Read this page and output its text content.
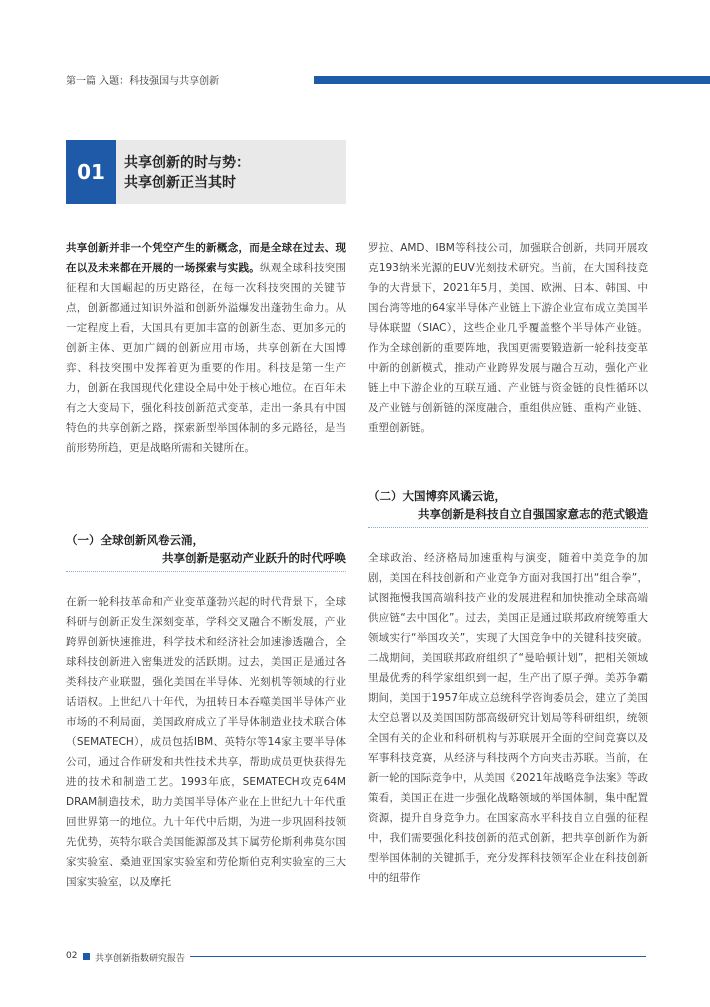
第一篇 入题：科技强国与共享创新
01	共享创新的时与势：
共享创新正当其时

共享创新并非一个凭空产生的新概念，而是全球在过去、现在以及未来都在开展的一场探索与实践。纵观全球科技突围征程和大国崛起的历史路径，在每一次科技突围的关键节点，创新都通过知识外溢和创新外溢爆发出蓬勃生命力。从一定程度上看，大国具有更加丰富的创新生态、更加多元的创新主体、更加广阔的创新应用市场，共享创新在大国博弈、科技突围中发挥着更为重要的作用。科技是第一生产力，创新在我国现代化建设全局中处于核心地位。在百年未有之大变局下，强化科技创新范式变革，走出一条具有中国特色的共享创新之路，探索新型举国体制的多元路径，是当前形势所趋，更是战略所需和关键所在。

（一）全球创新风卷云涌，
共享创新是驱动产业跃升的时代呼唤

在新一轮科技革命和产业变革蓬勃兴起的时代背景下，全球科研与创新正发生深刻变革，学科交叉融合不断发展，产业跨界创新快速推进，科学技术和经济社会加速渗透融合，全球科技创新进入密集迸发的活跃期。过去，美国正是通过各类科技产业联盟，强化美国在半导体、光刻机等领域的行业话语权。上世纪八十年代，为扭转日本吞噬美国半导体产业市场的不利局面，美国政府成立了半导体制造业技术联合体（SEMATECH），成员包括IBM、英特尔等14家主要半导体公司，通过合作研发和共性技术共享，帮助成员更快获得先进的技术和制造工艺。1993年底，SEMATECH攻克64M DRAM制造技术，助力美国半导体产业在上世纪九十年代重回世界第一的地位。九十年代中后期，为进一步巩固科技领先优势，英特尔联合美国能源部及其下属劳伦斯利弗莫尔国家实验室、桑迪亚国家实验室和劳伦斯伯克利实验室的三大国家实验室，以及摩托

罗拉、AMD、IBM等科技公司，加强联合创新，共同开展攻克193纳米光源的EUV光刻技术研究。当前，在大国科技竞争的大背景下，2021年5月，美国、欧洲、日本、韩国、中国台湾等地的64家半导体产业链上下游企业宣布成立美国半导体联盟（SIAC），这些企业几乎覆盖整个半导体产业链。作为全球创新的重要阵地，我国更需要锻造新一轮科技变革中新的创新模式，推动产业跨界发展与融合互动，强化产业链上中下游企业的互联互通、产业链与资金链的良性循环以及产业链与创新链的深度融合，重组供应链、重构产业链、重塑创新链。

（二）大国博弈风谲云诡，
共享创新是科技自立自强国家意志的范式锻造

全球政治、经济格局加速重构与演变，随着中美竞争的加剧，美国在科技创新和产业竞争方面对我国打出“组合拳”，试图拖慢我国高端科技产业的发展进程和加快推动全球高端供应链“去中国化”。过去，美国正是通过联邦政府统筹重大领域实行“举国攻关”，实现了大国竞争中的关键科技突破。二战期间，美国联邦政府组织了“曼哈顿计划”，把相关领域里最优秀的科学家组织到一起，生产出了原子弹。美苏争霸期间，美国于1957年成立总统科学咨询委员会，建立了美国太空总署以及美国国防部高级研究计划局等科研组织，统领全国有关的企业和科研机构与苏联展开全面的空间竞赛以及军事科技竞赛，从经济与科技两个方向夹击苏联。当前，在新一轮的国际竞争中，从美国《2021年战略竞争法案》等政策看，美国正在进一步强化战略领域的举国体制，集中配置资源，提升自身竞争力。在国家高水平科技自立自强的征程中，我们需要强化科技创新的范式创新，把共享创新作为新型举国体制的关键抓手，充分发挥科技领军企业在科技创新中的纽带作

02 共享创新指数研究报告
